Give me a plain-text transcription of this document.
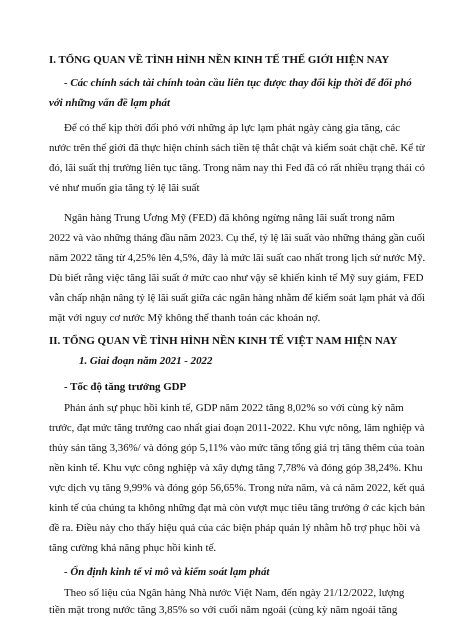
I. TỔNG QUAN VỀ TÌNH HÌNH NỀN KINH TẾ THẾ GIỚI HIỆN NAY
- Các chính sách tài chính toàn cầu liên tục được thay đổi kịp thời để đối phó
với những vấn đề lạm phát
Để có thể kịp thời đối phó với những áp lực lạm phát ngày càng gia tăng, các
nước trên thế giới đã thực hiện chính sách tiền tệ thắt chặt và kiểm soát chặt chẽ. Kể từ
đó, lãi suất thị trường liên tục tăng. Trong năm nay thì Fed đã có rất nhiều trạng thái có
vẻ như muốn gia tăng tỷ lệ lãi suất
Ngân hàng Trung Ương Mỹ (FED) đã không ngừng nâng lãi suất trong năm
2022 và vào những tháng đầu năm 2023. Cụ thể, tỷ lệ lãi suất vào những tháng gần cuối
năm 2022 tăng từ 4,25% lên 4,5%, đây là mức lãi suất cao nhất trong lịch sử nước Mỹ.
Dù biết rằng việc tăng lãi suất ở mức cao như vậy sẽ khiến kinh tế Mỹ suy giảm, FED
vẫn chấp nhận nâng tỷ lệ lãi suất giữa các ngân hàng nhằm để kiểm soát lạm phát và đối
mặt với nguy cơ nước Mỹ không thể thanh toán các khoản nợ.
II. TỔNG QUAN VỀ TÌNH HÌNH NỀN KINH TẾ VIỆT NAM HIỆN NAY
1. Giai đoạn năm 2021 - 2022
- Tốc độ tăng trưởng GDP
Phản ánh sự phục hồi kinh tế, GDP năm 2022 tăng 8,02% so với cùng kỳ năm
trước, đạt mức tăng trưởng cao nhất giai đoạn 2011-2022. Khu vực nông, lâm nghiệp và
thủy sản tăng 3,36%/ và đóng góp 5,11% vào mức tăng tổng giá trị tăng thêm của toàn
nền kinh tế. Khu vực công nghiệp và xây dựng tăng 7,78% và đóng góp 38,24%. Khu
vực dịch vụ tăng 9,99% và đóng góp 56,65%. Trong nửa năm, và cả năm 2022, kết quả
kinh tế của chúng ta không những đạt mà còn vượt mục tiêu tăng trưởng ở các kịch bản
đề ra. Điều này cho thấy hiệu quả của các biện pháp quản lý nhằm hỗ trợ phục hồi và
tăng cường khả năng phục hồi kinh tế.
- Ổn định kinh tế vi mô và kiểm soát lạm phát
Theo số liệu của Ngân hàng Nhà nước Việt Nam, đến ngày 21/12/2022, lượng
tiền mặt trong nước tăng 3,85% so với cuối năm ngoái (cùng kỳ năm ngoái tăng
